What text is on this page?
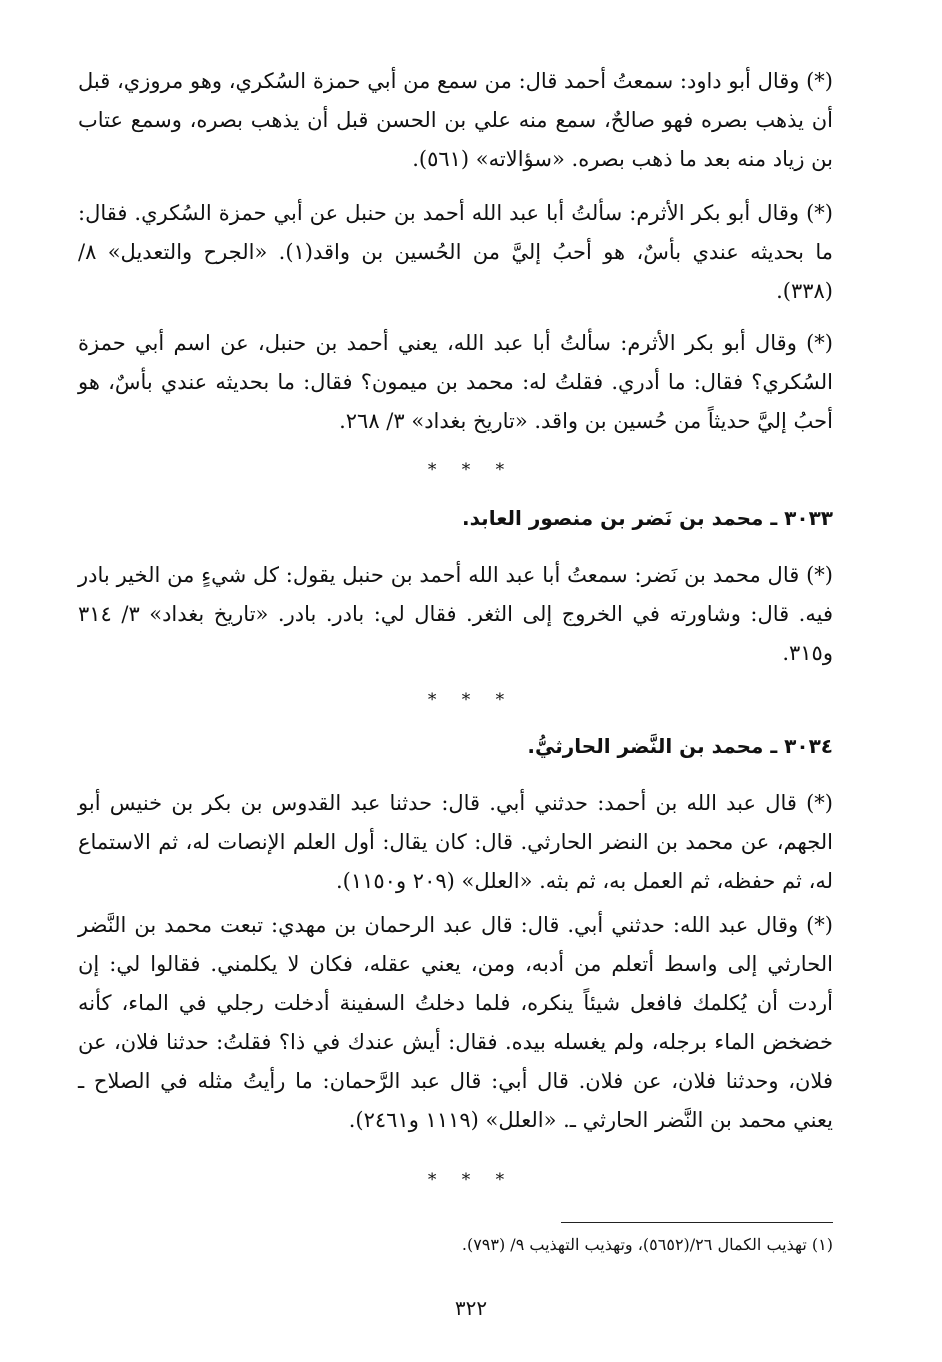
(*) وقال أبو داود: سمعتُ أحمد قال: من سمع من أبي حمزة السُكري، وهو مروزي، قبل أن يذهب بصره فهو صالحٌ، سمع منه علي بن الحسن قبل أن يذهب بصره، وسمع عتاب بن زياد منه بعد ما ذهب بصره. «سؤالاته» (٥٦١).

(*) وقال أبو بكر الأثرم: سألتُ أبا عبد الله أحمد بن حنبل عن أبي حمزة السُكري. فقال: ما بحديثه عندي بأسٌ، هو أحبُ إليَّ من الحُسين بن واقد(١). «الجرح والتعديل» ٨/ (٣٣٨).

(*) وقال أبو بكر الأثرم: سألتُ أبا عبد الله، يعني أحمد بن حنبل، عن اسم أبي حمزة السُكري؟ فقال: ما أدري. فقلتُ له: محمد بن ميمون؟ فقال: ما بحديثه عندي بأسٌ، هو أحبُ إليَّ حديثاً من حُسين بن واقد. «تاريخ بغداد» ٣/ ٢٦٨.

* * *

٣٠٣٣ ـ محمد بن نَضر بن منصور العابد.

(*) قال محمد بن نَضر: سمعتُ أبا عبد الله أحمد بن حنبل يقول: كل شيءٍ من الخير بادر فيه. قال: وشاورته في الخروج إلى الثغر. فقال لي: بادر. بادر. «تاريخ بغداد» ٣/ ٣١٤ و٣١٥.

* * *

٣٠٣٤ ـ محمد بن النَّضر الحارثيُّ.

(*) قال عبد الله بن أحمد: حدثني أبي. قال: حدثنا عبد القدوس بن بكر بن خنيس أبو الجهم، عن محمد بن النضر الحارثي. قال: كان يقال: أول العلم الإنصات له، ثم الاستماع له، ثم حفظه، ثم العمل به، ثم بثه. «العلل» (٢٠٩ و١١٥٠).

(*) وقال عبد الله: حدثني أبي. قال: قال عبد الرحمان بن مهدي: تبعت محمد بن النَّضر الحارثي إلى واسط أتعلم من أدبه، ومن، يعني عقله، فكان لا يكلمني. فقالوا لي: إن أردت أن يُكلمك فافعل شيئاً ينكره، فلما دخلتُ السفينة أدخلت رجلي في الماء، كأنه خضخض الماء برجله، ولم يغسله بيده. فقال: أيش عندك في ذا؟ فقلتُ: حدثنا فلان، عن فلان، وحدثنا فلان، عن فلان. قال أبي: قال عبد الرَّحمان: ما رأيتُ مثله في الصلاح ـ يعني محمد بن النَّضر الحارثي ـ. «العلل» (١١١٩ و٢٤٦١).

* * *

(١) تهذيب الكمال ٢٦/(٥٦٥٢)، وتهذيب التهذيب ٩/ (٧٩٣).

٣٢٢
